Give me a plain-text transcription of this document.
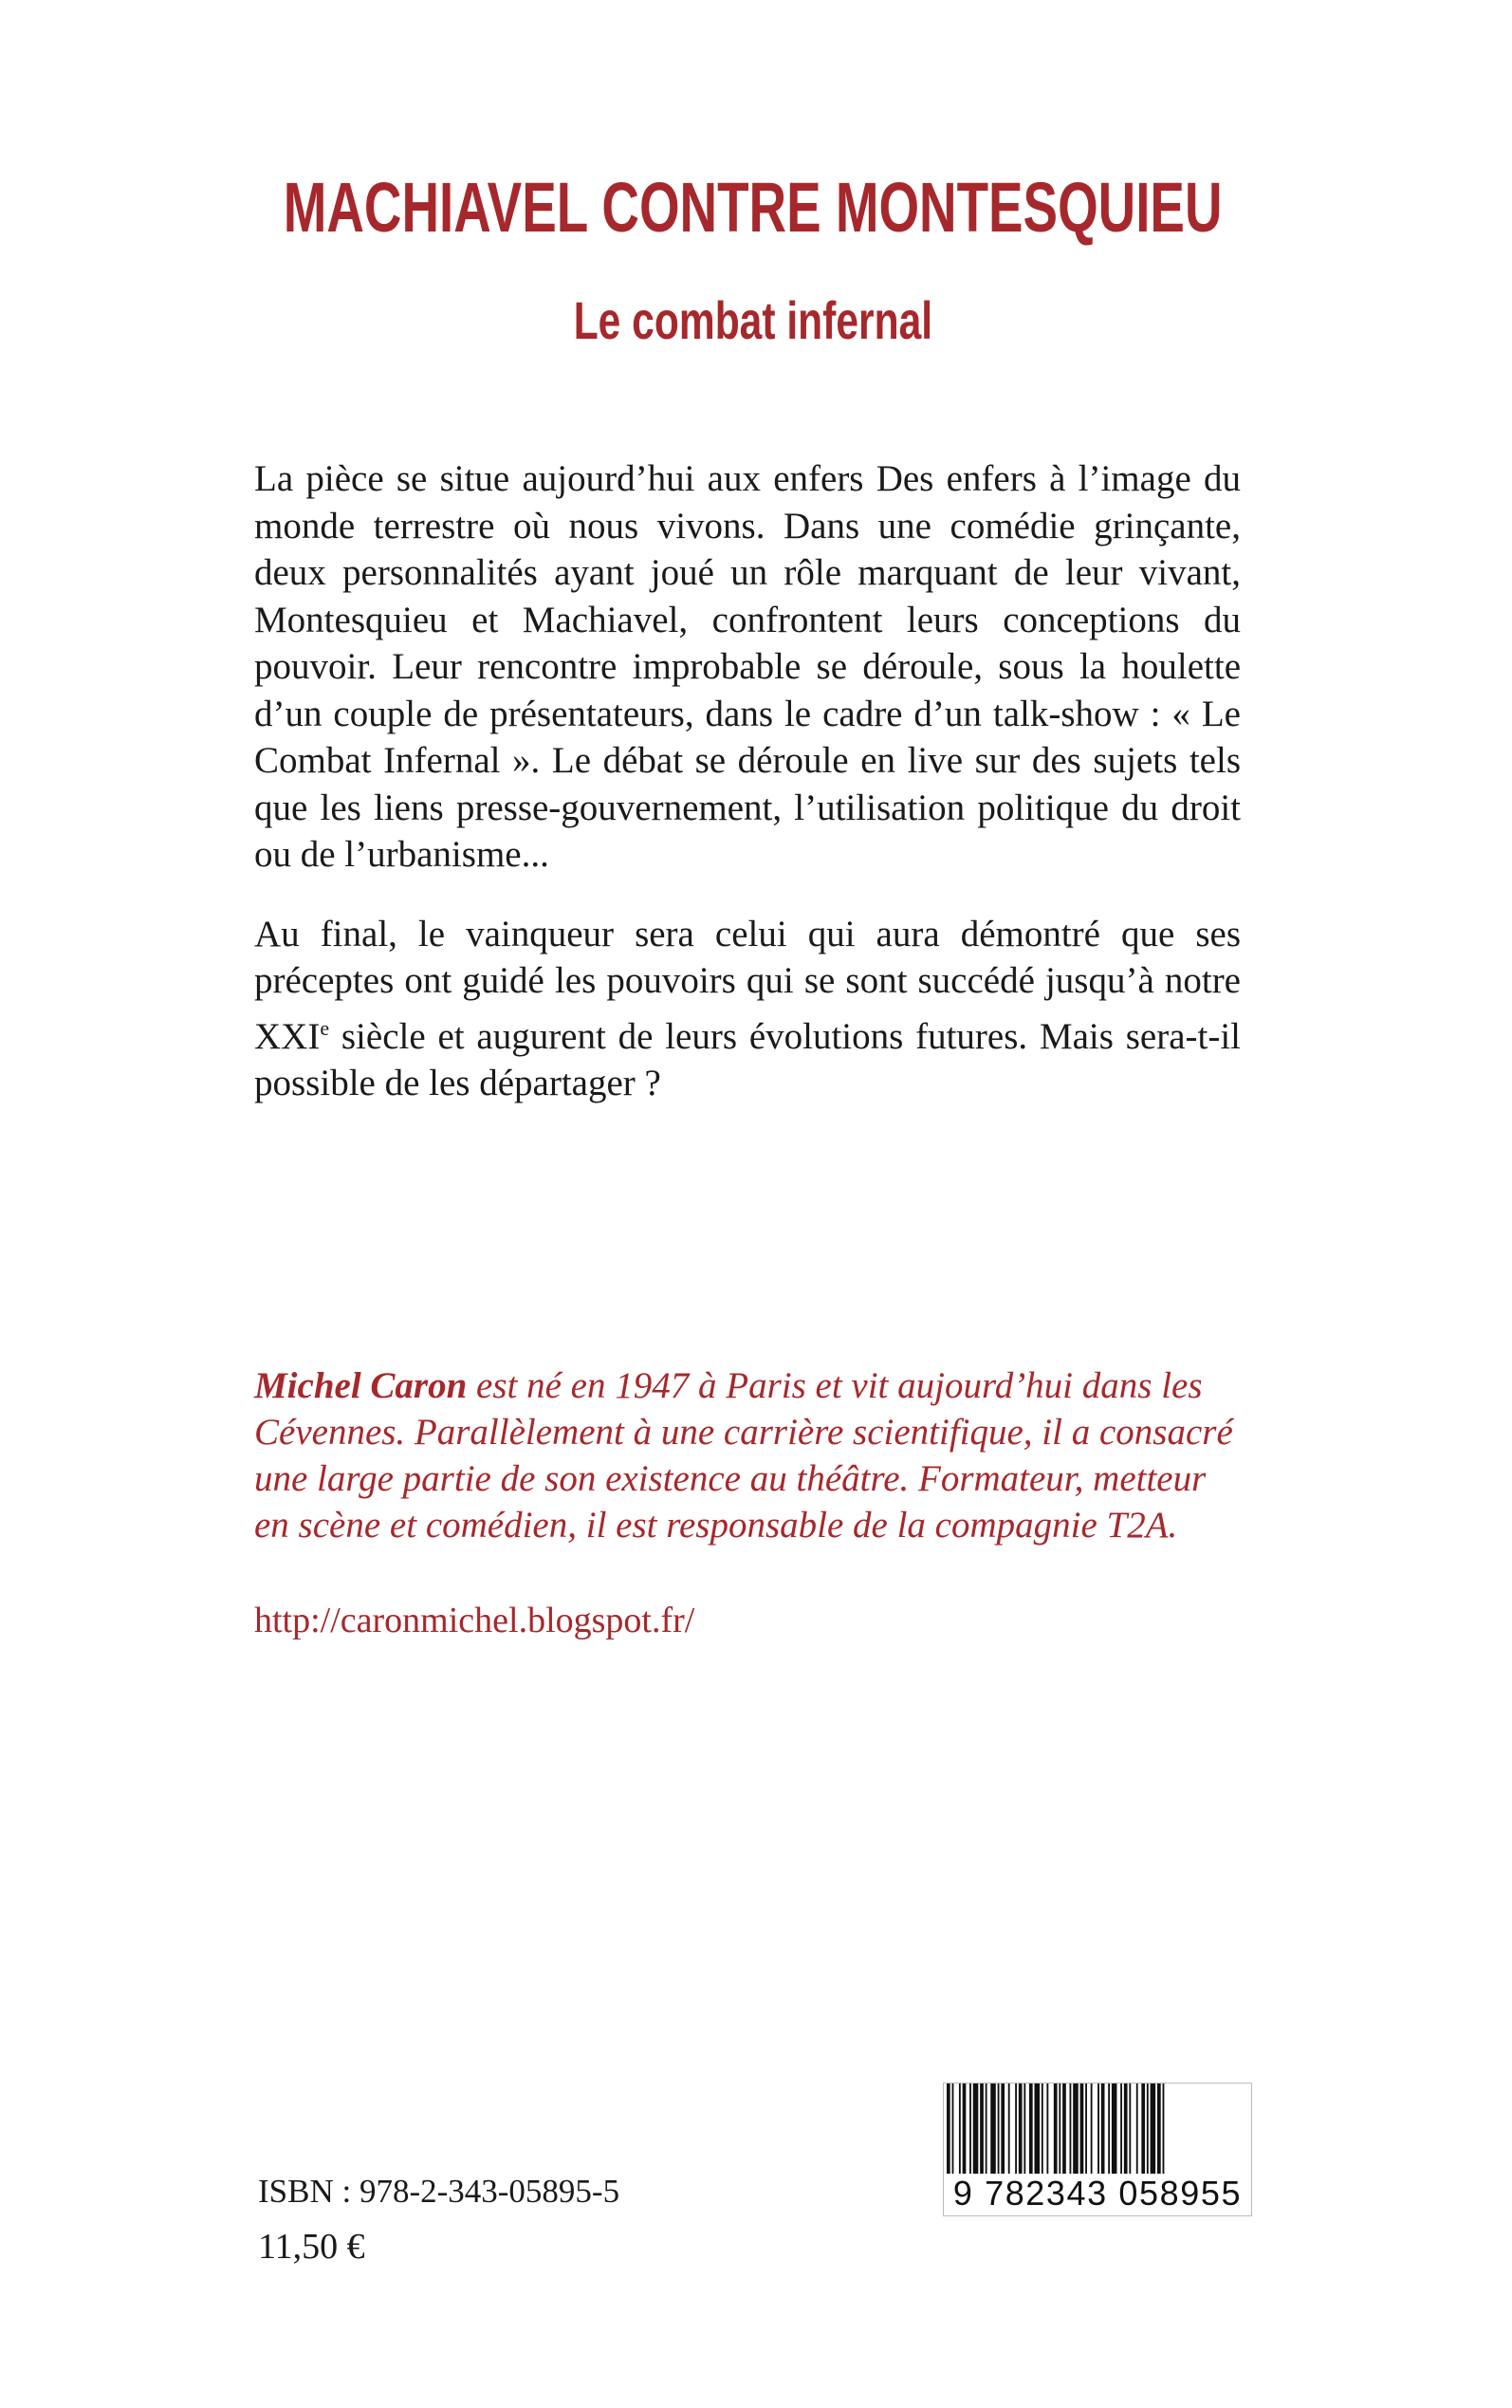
MACHIAVEL CONTRE MONTESQUIEU
Le combat infernal

La pièce se situe aujourd’hui aux enfers Des enfers à l’image du monde terrestre où nous vivons. Dans une comédie grinçante, deux personnalités ayant joué un rôle marquant de leur vivant, Montesquieu et Machiavel, confrontent leurs conceptions du pouvoir. Leur rencontre improbable se déroule, sous la houlette d’un couple de présentateurs, dans le cadre d’un talk-show : « Le Combat Infernal ». Le débat se déroule en live sur des sujets tels que les liens presse-gouvernement, l’utilisation politique du droit ou de l’urbanisme...

Au final, le vainqueur sera celui qui aura démontré que ses préceptes ont guidé les pouvoirs qui se sont succédé jusqu’à notre XXIe siècle et augurent de leurs évolutions futures. Mais sera-t-il possible de les départager ?

Michel Caron est né en 1947 à Paris et vit aujourd’hui dans les Cévennes. Parallèlement à une carrière scientifique, il a consacré une large partie de son existence au théâtre. Formateur, metteur en scène et comédien, il est responsable de la compagnie T2A.

http://caronmichel.blogspot.fr/
ISBN : 978-2-343-05895-5
11,50 €
9 782343 058955
